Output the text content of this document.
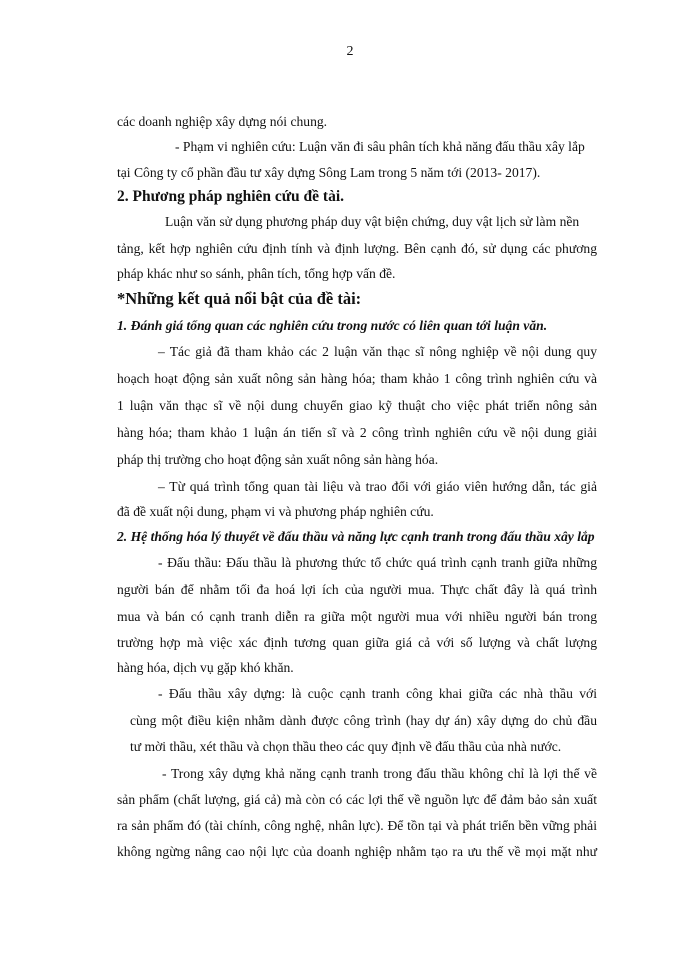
2
các doanh nghiệp xây dựng nói chung.
- Phạm vi nghiên cứu: Luận văn đi sâu phân tích khả năng đấu thầu xây lắp
tại Công ty cổ phần đầu tư xây dựng Sông Lam trong 5 năm tới (2013- 2017).
2. Phương pháp nghiên cứu đề tài.
Luận văn sử dụng phương pháp duy vật biện chứng, duy vật lịch sử làm nền
tảng, kết hợp nghiên cứu định tính và định lượng. Bên cạnh đó, sử dụng các phương
pháp khác như so sánh, phân tích, tổng hợp vấn đề.
*Những kết quả nổi bật của đề tài:
1. Đánh giá tổng quan các nghiên cứu trong nước có liên quan tới luận văn.
– Tác giả đã tham khảo các 2 luận văn thạc sĩ nông nghiệp về nội dung quy
hoạch hoạt động sản xuất nông sản hàng hóa; tham khảo 1 công trình nghiên cứu và
1 luận văn thạc sĩ về nội dung chuyển giao kỹ thuật cho việc phát triển nông sản
hàng hóa; tham khảo 1 luận án tiến sĩ và 2 công trình nghiên cứu về nội dung giải
pháp thị trường cho hoạt động sản xuất nông sản hàng hóa.
– Từ quá trình tổng quan tài liệu và trao đổi với giáo viên hướng dẫn, tác giả
đã đề xuất nội dung, phạm vi và phương pháp nghiên cứu.
2. Hệ thống hóa lý thuyết về đấu thầu và năng lực cạnh tranh trong đấu thầu xây lắp
- Đấu thầu: Đấu thầu là phương thức tổ chức quá trình cạnh tranh giữa những
người bán để nhằm tối đa hoá lợi ích của người mua. Thực chất đây là quá trình
mua và bán có cạnh tranh diễn ra giữa một người mua với nhiều người bán trong
trường hợp mà việc xác định tương quan giữa giá cả với số lượng và chất lượng
hàng hóa, dịch vụ gặp khó khăn.
- Đấu thầu xây dựng: là cuộc cạnh tranh công khai giữa các nhà thầu với
cùng một điều kiện nhằm dành được công trình (hay dự án) xây dựng do chủ đầu
tư mời thầu, xét thầu và chọn thầu theo các quy định về đấu thầu của nhà nước.
- Trong xây dựng khả năng cạnh tranh trong đấu thầu không chỉ là lợi thế về
sản phẩm (chất lượng, giá cả) mà còn có các lợi thế về nguồn lực để đảm bảo sản xuất
ra sản phẩm đó (tài chính, công nghệ, nhân lực). Để tồn tại và phát triển bền vững phải
không ngừng nâng cao nội lực của doanh nghiệp nhằm tạo ra ưu thế về mọi mặt như
